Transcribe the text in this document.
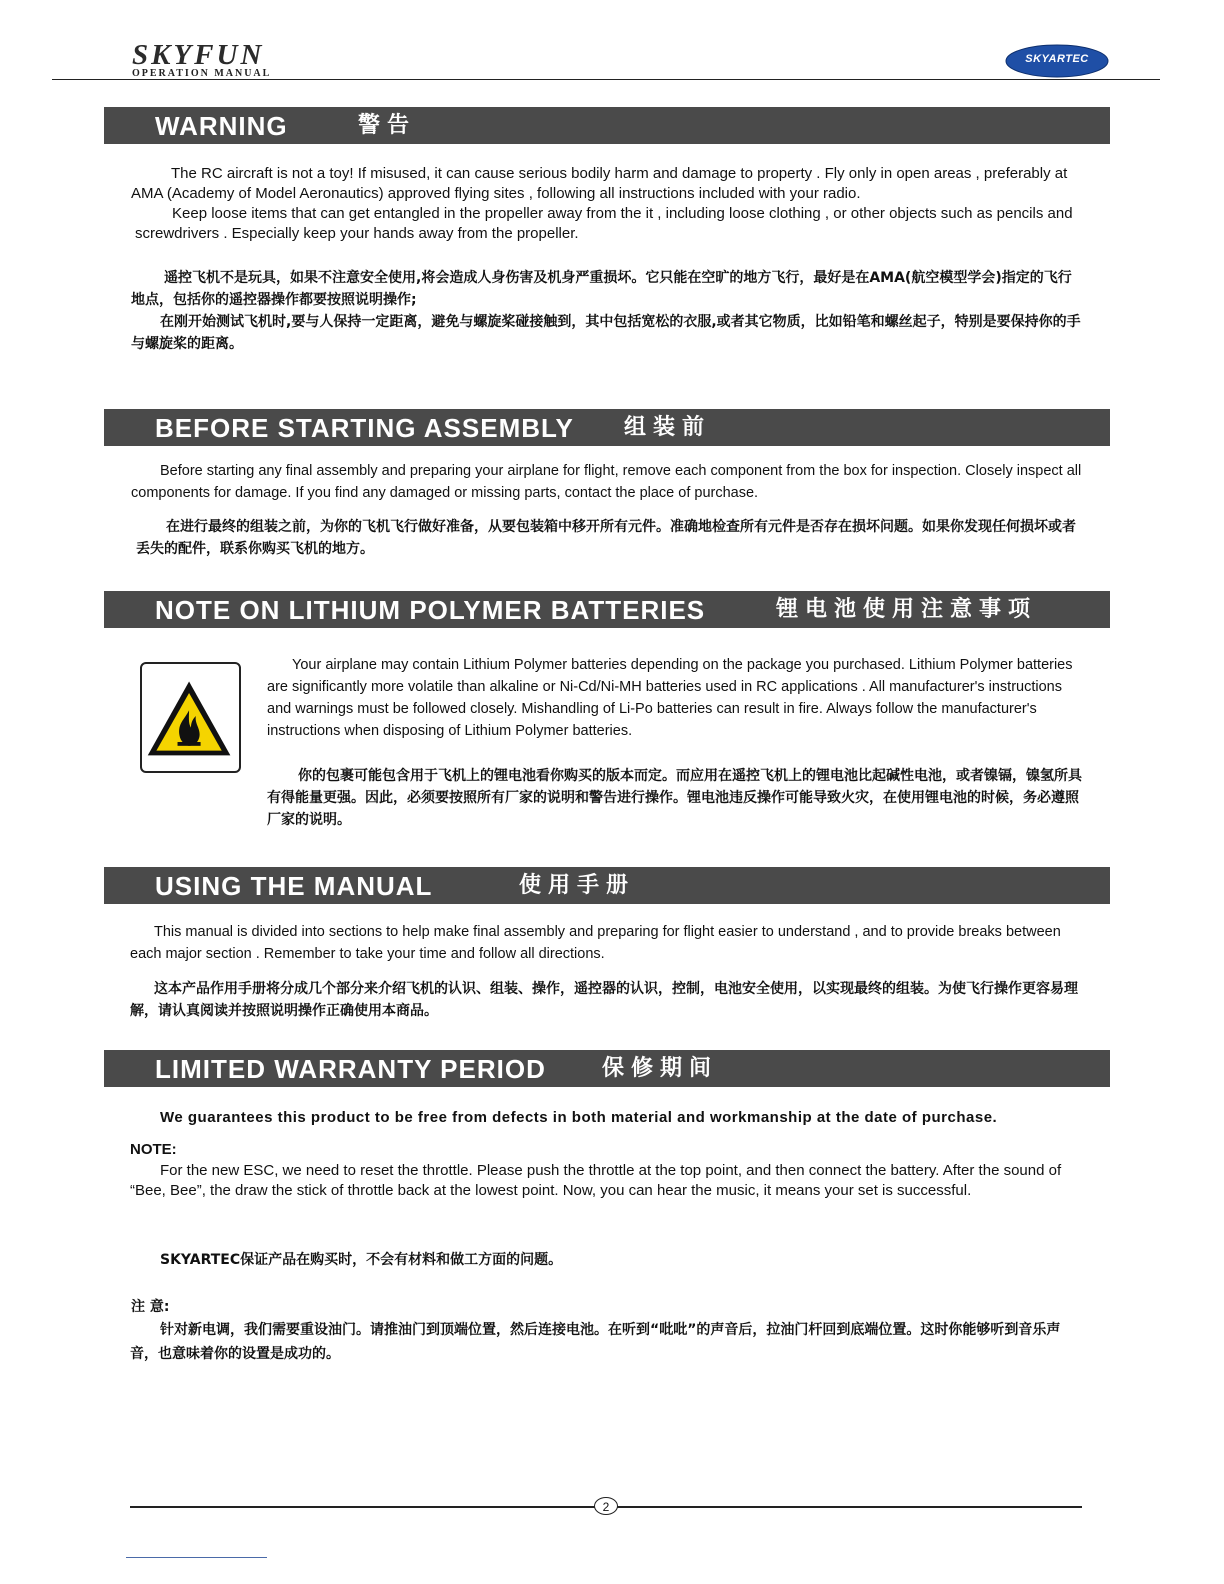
SKYFUN
OPERATION MANUAL
SKYARTEC
WARNING	警告
The RC aircraft is not a toy! If misused, it can cause serious bodily harm and damage to property . Fly only in open areas , preferably at AMA (Academy of Model Aeronautics) approved flying sites , following all instructions included with your radio.
Keep loose items that can get entangled in the propeller away from the it , including loose clothing , or other objects such as pencils and screwdrivers . Especially keep your hands away from the propeller.
遥控飞机不是玩具，如果不注意安全使用,将会造成人身伤害及机身严重损坏。它只能在空旷的地方飞行，最好是在AMA(航空模型学会)指定的飞行地点，包括你的遥控器操作都要按照说明操作;
在刚开始测试飞机时,要与人保持一定距离，避免与螺旋桨碰接触到，其中包括宽松的衣服,或者其它物质，比如铅笔和螺丝起子，特别是要保持你的手与螺旋桨的距离。
BEFORE STARTING ASSEMBLY 组装前
Before starting any final assembly and preparing your airplane for flight, remove each component from the box for inspection. Closely inspect all components for damage. If you find any damaged or missing parts, contact the place of purchase.
在进行最终的组装之前，为你的飞机飞行做好准备，从要包装箱中移开所有元件。准确地检查所有元件是否存在损坏问题。如果你发现任何损坏或者丢失的配件，联系你购买飞机的地方。
NOTE ON LITHIUM POLYMER BATTERIES	锂电池使用注意事项
Your airplane may contain Lithium Polymer batteries depending on the package you purchased. Lithium Polymer batteries are significantly more volatile than alkaline or Ni-Cd/Ni-MH batteries used in RC applications . All manufacturer's instructions and warnings must be followed closely. Mishandling of Li-Po batteries can result in fire. Always follow the manufacturer's instructions when disposing of Lithium Polymer batteries.
你的包裹可能包含用于飞机上的锂电池看你购买的版本而定。而应用在遥控飞机上的锂电池比起碱性电池，或者镍镉，镍氢所具有得能量更强。因此，必须要按照所有厂家的说明和警告进行操作。锂电池违反操作可能导致火灾，在使用锂电池的时候，务必遵照厂家的说明。
USING THE MANUAL	使用手册
This manual is divided into sections to help make final assembly and preparing for flight easier to understand , and to provide breaks between each major section . Remember to take your time and follow all directions.
这本产品作用手册将分成几个部分来介绍飞机的认识、组装、操作，遥控器的认识，控制，电池安全使用，以实现最终的组装。为使飞行操作更容易理解，请认真阅读并按照说明操作正确使用本商品。
LIMITED WARRANTY PERIOD	保修期间
We guarantees this product to be free from defects in both material and workmanship at the date of purchase.
NOTE:
For the new ESC, we need to reset the throttle. Please push the throttle at the top point, and then connect the battery. After the sound of “Bee, Bee”, the draw the stick of throttle back at the lowest point. Now, you can hear the music, it means your set is successful.
SKYARTEC保证产品在购买时，不会有材料和做工方面的问题。
注 意:
针对新电调，我们需要重设油门。请推油门到顶端位置，然后连接电池。在听到“吡吡”的声音后，拉油门杆回到底端位置。这时你能够听到音乐声音，也意味着你的设置是成功的。
2
